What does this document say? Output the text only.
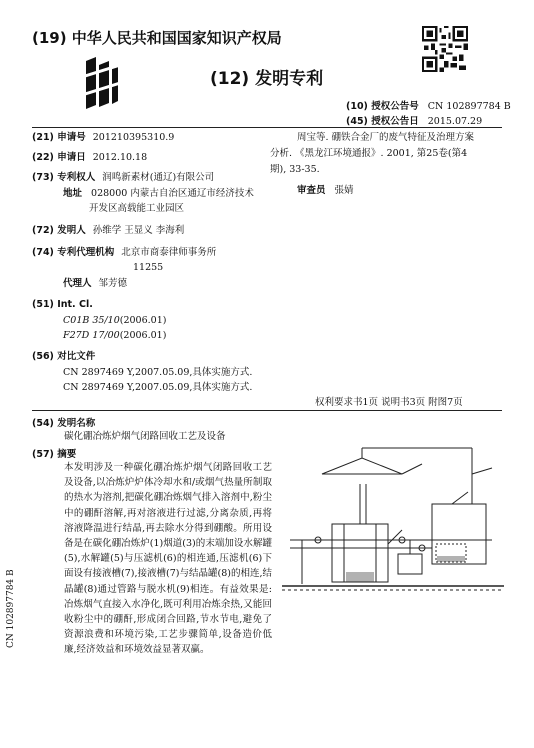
(19) 中华人民共和国国家知识产权局
(12) 发明专利
(10) 授权公告号 CN 102897784 B
(45) 授权公告日 2015.07.29
(21) 申请号 201210395310.9
(22) 申请日 2012.10.18
(73) 专利权人 润鸣新素材(通辽)有限公司
地址 028000 内蒙古自治区通辽市经济技术
开发区高载能工业园区
(72) 发明人 孙维学 王显义 李海利
(74) 专利代理机构 北京市商泰律师事务所
11255
代理人 邹芳德
(51) Int. Cl.
C01B 35/10(2006.01)
F27D 17/00(2006.01)
(56) 对比文件
CN 2897469 Y,2007.05.09,具体实施方式.
CN 2897469 Y,2007.05.09,具体实施方式.
周宝等. 硼铁合金厂的废气特征及治理方案
分析. 《黑龙江环境通报》. 2001, 第25卷(第4
期), 33-35.
审查员 張婧
权利要求书1页 说明书3页 附图7页
(54) 发明名称
碳化硼冶炼炉烟气闭路回收工艺及设备
(57) 摘要
本发明涉及一种碳化硼冶炼炉烟气闭路回收工艺及设备,以冶炼炉炉体冷却水和/或烟气热量所制取的热水为溶剂,把碳化硼冶炼烟气排入溶剂中,粉尘中的硼酐溶解,再对溶液进行过滤,分离杂质,再将溶液降温进行结晶,再去除水分得到硼酸。所用设备是在碳化硼冶炼炉(1)烟道(3)的末端加设水解罐(5),水解罐(5)与压滤机(6)的相连通,压滤机(6)下面设有接液槽(7),接液槽(7)与结晶罐(8)的相连,结晶罐(8)通过管路与脱水机(9)相连。有益效果是:冶炼烟气直接入水净化,既可利用冶炼余热,又能回收粉尘中的硼酐,形成闭合回路,节水节电,避免了资源浪费和环境污染,工艺步骤简单,设备造价低廉,经济效益和环境效益显著双赢。
CN 102897784 B
